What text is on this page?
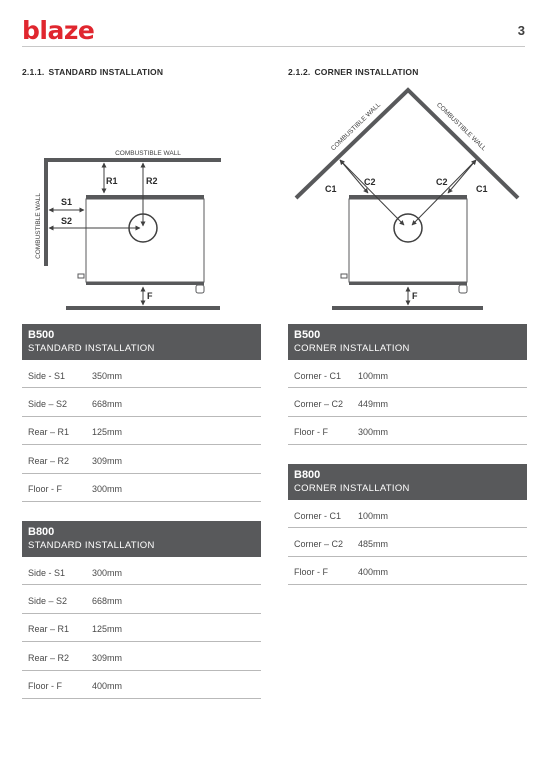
blaze	3
2.1.1. STANDARD INSTALLATION	2.1.2. CORNER INSTALLATION
COMBUSTIBLE WALL
COMBUSTIBLE WALL
R1	R2
S1
S2
F
COMBUSTIBLE WALL	COMBUSTIBLE WALL
C1
C2	C2
C1
F
B500
STANDARD INSTALLATION
Side - S1	350mm
Side – S2	668mm
Rear – R1	125mm
Rear – R2	309mm
Floor - F	300mm
B800
STANDARD INSTALLATION
Side - S1	300mm
Side – S2	668mm
Rear – R1	125mm
Rear – R2	309mm
Floor - F	400mm
B500
CORNER INSTALLATION
Corner - C1	100mm
Corner – C2	449mm
Floor - F	300mm
B800
CORNER INSTALLATION
Corner - C1	100mm
Corner – C2	485mm
Floor - F	400mm
